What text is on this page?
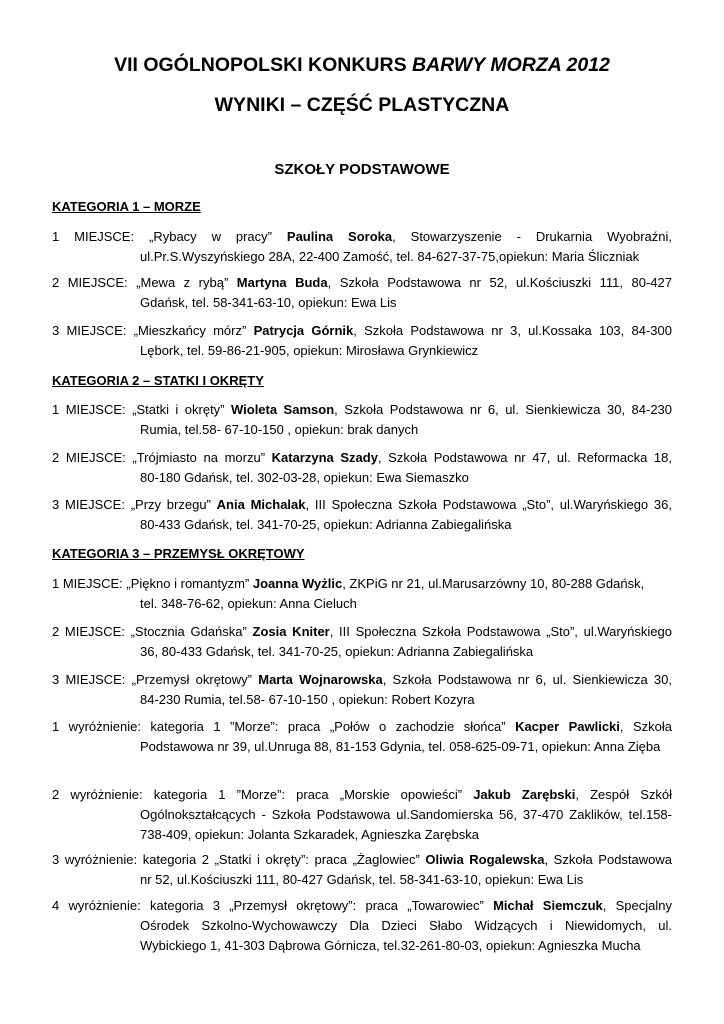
VII OGÓLNOPOLSKI KONKURS BARWY MORZA 2012
WYNIKI – CZĘŚĆ PLASTYCZNA
SZKOŁY PODSTAWOWE
KATEGORIA 1 – MORZE
1 MIEJSCE: „Rybacy w pracy” Paulina Soroka, Stowarzyszenie - Drukarnia Wyobraźni,
ul.Pr.S.Wyszyńskiego 28A, 22-400 Zamość, tel. 84-627-37-75,opiekun: Maria Śliczniak
2 MIEJSCE: „Mewa z rybą” Martyna Buda, Szkoła Podstawowa nr 52, ul.Kościuszki 111, 80-427
Gdańsk, tel. 58-341-63-10, opiekun: Ewa Lis
3 MIEJSCE: „Mieszkańcy mórz” Patrycja Górnik, Szkoła Podstawowa nr 3, ul.Kossaka 103, 84-300
Lębork, tel. 59-86-21-905, opiekun: Mirosława Grynkiewicz
KATEGORIA 2 – STATKI I OKRĘTY
1 MIEJSCE: „Statki i okręty” Wioleta Samson, Szkoła Podstawowa nr 6, ul. Sienkiewicza 30, 84-230
Rumia, tel.58- 67-10-150 , opiekun: brak danych
2 MIEJSCE: „Trójmiasto na morzu” Katarzyna Szady, Szkoła Podstawowa nr 47, ul. Reformacka 18,
80-180 Gdańsk, tel. 302-03-28, opiekun: Ewa Siemaszko
3 MIEJSCE: „Przy brzegu” Ania Michalak, III Społeczna Szkoła Podstawowa „Sto”, ul.Waryńskiego 36,
80-433 Gdańsk, tel. 341-70-25, opiekun: Adrianna Zabiegalińska
KATEGORIA 3 – PRZEMYSŁ OKRĘTOWY
1 MIEJSCE: „Piękno i romantyzm” Joanna Wyżlic, ZKPiG nr 21, ul.Marusarzówny 10, 80-288 Gdańsk,
tel. 348-76-62, opiekun: Anna Cieluch
2 MIEJSCE: „Stocznia Gdańska” Zosia Kniter, III Społeczna Szkoła Podstawowa „Sto”, ul.Waryńskiego
36, 80-433 Gdańsk, tel. 341-70-25, opiekun: Adrianna Zabiegalińska
3 MIEJSCE: „Przemysł okrętowy” Marta Wojnarowska, Szkoła Podstawowa nr 6, ul. Sienkiewicza 30,
84-230 Rumia, tel.58- 67-10-150 , opiekun: Robert Kozyra
1 wyróżnienie: kategoria 1 ”Morze”: praca „Połów o zachodzie słońca” Kacper Pawlicki, Szkoła
Podstawowa nr 39, ul.Unruga 88, 81-153 Gdynia, tel. 058-625-09-71, opiekun: Anna Zięba
2 wyróżnienie: kategoria 1 ”Morze”: praca „Morskie opowieści” Jakub Zarębski, Zespół Szkół
Ogólnokształcących - Szkoła Podstawowa ul.Sandomierska 56, 37-470 Zaklików, tel.158-738-409, opiekun: Jolanta Szkaradek, Agnieszka Zarębska
3 wyróżnienie: kategoria 2 „Statki i okręty”: praca „Żaglowiec” Oliwia Rogalewska, Szkoła Podstawowa
nr 52, ul.Kościuszki 111, 80-427 Gdańsk, tel. 58-341-63-10, opiekun: Ewa Lis
4 wyróżnienie: kategoria 3 „Przemysł okrętowy”: praca „Towarowiec” Michał Siemczuk, Specjalny
Ośrodek Szkolno-Wychowawczy Dla Dzieci Słabo Widzących i Niewidomych, ul. Wybickiego 1, 41-303 Dąbrowa Górnicza, tel.32-261-80-03, opiekun: Agnieszka Mucha
